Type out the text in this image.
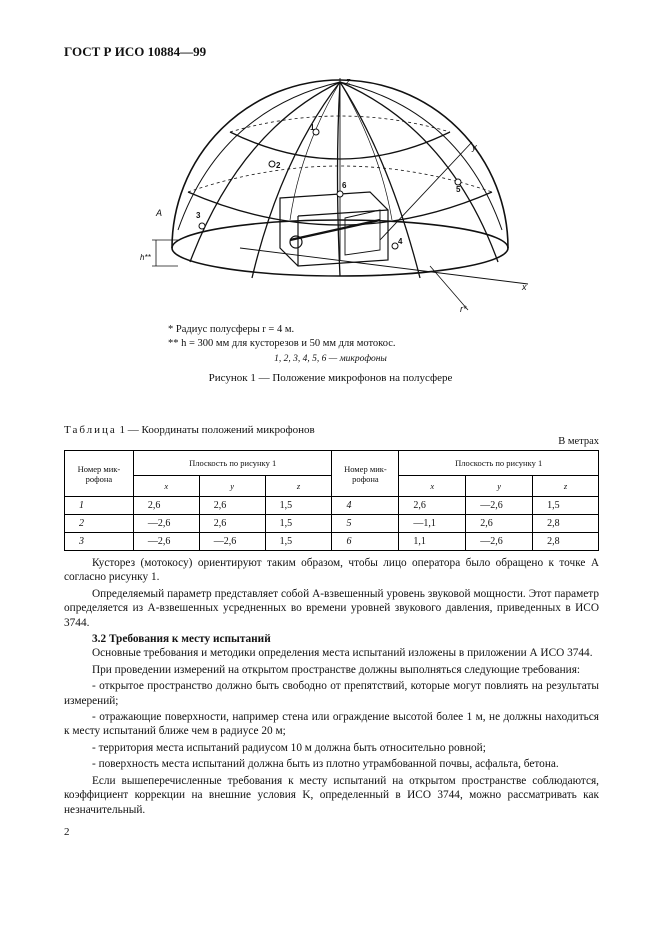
ГОСТ Р ИСО 10884—99
z
y
x
A
r*
h**
1
2
3
4
6	5
* Радиус полусферы r = 4 м.
** h = 300 мм для кусторезов и 50 мм для мотокос.
1, 2, 3, 4, 5, 6 — микрофоны
Рисунок 1 — Положение микрофонов на полусфере
Таблица 1 — Координаты положений микрофонов
В метрах
Номер мик-рофона	Плоскость по рисунку 1			Номер мик-рофона	Плоскость по рисунку 1		
	x	y	z		x	y	z
1	2,6	2,6	1,5	4	2,6	—2,6	1,5
2	—2,6	2,6	1,5	5	—1,1	2,6	2,8
3	—2,6	—2,6	1,5	6	1,1	—2,6	2,8

Кусторез (мотокосу) ориентируют таким образом, чтобы лицо оператора было обращено к точке A согласно рисунку 1.

Определяемый параметр представляет собой A-взвешенный уровень звуковой мощности. Этот параметр определяется из A-взвешенных усредненных во времени уровней звукового давления, приведенных в ИСО 3744.

3.2 Требования к месту испытаний

Основные требования и методики определения места испытаний изложены в приложении А ИСО 3744.

При проведении измерений на открытом пространстве должны выполняться следующие требования:

- открытое пространство должно быть свободно от препятствий, которые могут повлиять на результаты измерений;

- отражающие поверхности, например стена или ограждение высотой более 1 м, не должны находиться к месту испытаний ближе чем в радиусе 20 м;

- территория места испытаний радиусом 10 м должна быть относительно ровной;

- поверхность места испытаний должна быть из плотно утрамбованной почвы, асфальта, бетона.

Если вышеперечисленные требования к месту испытаний на открытом пространстве соблюдаются, коэффициент коррекции на внешние условия K, определенный в ИСО 3744, можно рассматривать как незначительный.

2
